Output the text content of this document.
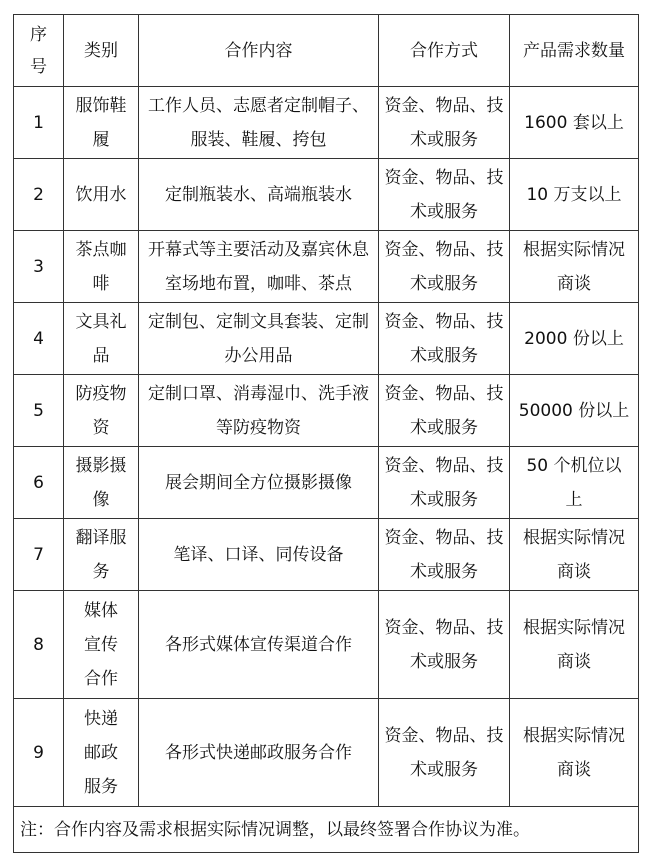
序号	类别	合作内容	合作方式	产品需求数量
1	服饰鞋履	工作人员、志愿者定制帽子、服装、鞋履、挎包	资金、物品、技术或服务	1600 套以上
2	饮用水	定制瓶装水、高端瓶装水	资金、物品、技术或服务	10 万支以上
3	茶点咖啡	开幕式等主要活动及嘉宾休息室场地布置，咖啡、茶点	资金、物品、技术或服务	根据实际情况商谈

4	文具礼品	定制包、定制文具套装、定制办公用品	资金、物品、技术或服务	2000 份以上
5	防疫物资	定制口罩、消毒湿巾、洗手液等防疫物资	资金、物品、技术或服务	50000 份以上
6	摄影摄像	展会期间全方位摄影摄像	资金、物品、技术或服务	50 个机位以上

7	翻译服务	笔译、口译、同传设备	资金、物品、技术或服务	根据实际情况商谈

8	媒体宣传合作	各形式媒体宣传渠道合作	资金、物品、技术或服务	根据实际情况商谈

9	快递邮政服务	各形式快递邮政服务合作	资金、物品、技术或服务	根据实际情况商谈

注：合作内容及需求根据实际情况调整，以最终签署合作协议为准。				
